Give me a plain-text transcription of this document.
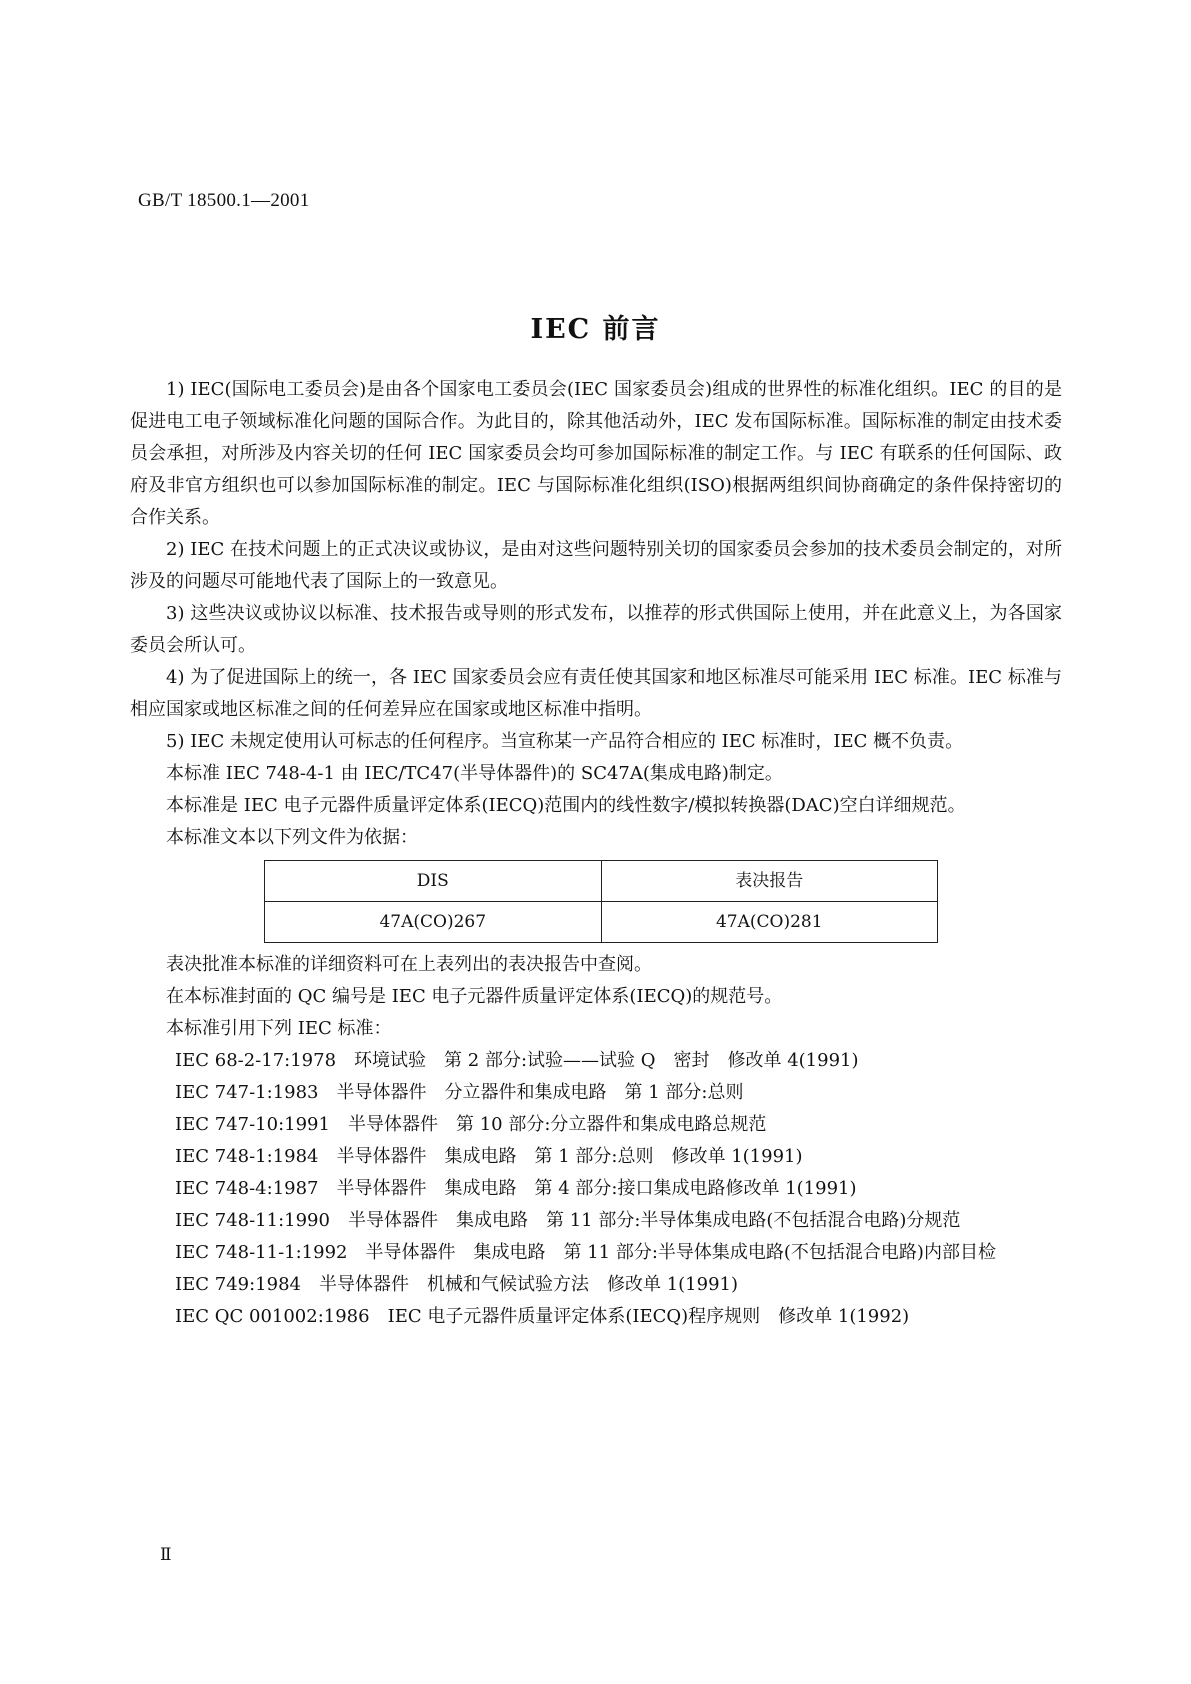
GB/T 18500.1—2001
IEC 前言

1) IEC(国际电工委员会)是由各个国家电工委员会(IEC 国家委员会)组成的世界性的标准化组织。IEC 的目的是促进电工电子领域标准化问题的国际合作。为此目的，除其他活动外，IEC 发布国际标准。国际标准的制定由技术委员会承担，对所涉及内容关切的任何 IEC 国家委员会均可参加国际标准的制定工作。与 IEC 有联系的任何国际、政府及非官方组织也可以参加国际标准的制定。IEC 与国际标准化组织(ISO)根据两组织间协商确定的条件保持密切的合作关系。

2) IEC 在技术问题上的正式决议或协议，是由对这些问题特别关切的国家委员会参加的技术委员会制定的，对所涉及的问题尽可能地代表了国际上的一致意见。

3) 这些决议或协议以标准、技术报告或导则的形式发布，以推荐的形式供国际上使用，并在此意义上，为各国家委员会所认可。

4) 为了促进国际上的统一，各 IEC 国家委员会应有责任使其国家和地区标准尽可能采用 IEC 标准。IEC 标准与相应国家或地区标准之间的任何差异应在国家或地区标准中指明。

5) IEC 未规定使用认可标志的任何程序。当宣称某一产品符合相应的 IEC 标准时，IEC 概不负责。

本标准 IEC 748-4-1 由 IEC/TC47(半导体器件)的 SC47A(集成电路)制定。

本标准是 IEC 电子元器件质量评定体系(IECQ)范围内的线性数字/模拟转换器(DAC)空白详细规范。

本标准文本以下列文件为依据：

DIS	表决报告
47A(CO)267	47A(CO)281

表决批准本标准的详细资料可在上表列出的表决报告中查阅。

在本标准封面的 QC 编号是 IEC 电子元器件质量评定体系(IECQ)的规范号。

本标准引用下列 IEC 标准：

IEC 68-2-17:1978	环境试验　第 2 部分:试验——试验 Q　密封　修改单 4(1991)
IEC 747-1:1983	半导体器件　分立器件和集成电路　第 1 部分:总则
IEC 747-10:1991	半导体器件　第 10 部分:分立器件和集成电路总规范
IEC 748-1:1984	半导体器件　集成电路　第 1 部分:总则　修改单 1(1991)
IEC 748-4:1987	半导体器件　集成电路　第 4 部分:接口集成电路修改单 1(1991)
IEC 748-11:1990	半导体器件　集成电路　第 11 部分:半导体集成电路(不包括混合电路)分规范
IEC 748-11-1:1992	半导体器件　集成电路　第 11 部分:半导体集成电路(不包括混合电路)内部目检
IEC 749:1984	半导体器件　机械和气候试验方法　修改单 1(1991)
IEC QC 001002:1986	IEC 电子元器件质量评定体系(IECQ)程序规则　修改单 1(1992)
Ⅱ
